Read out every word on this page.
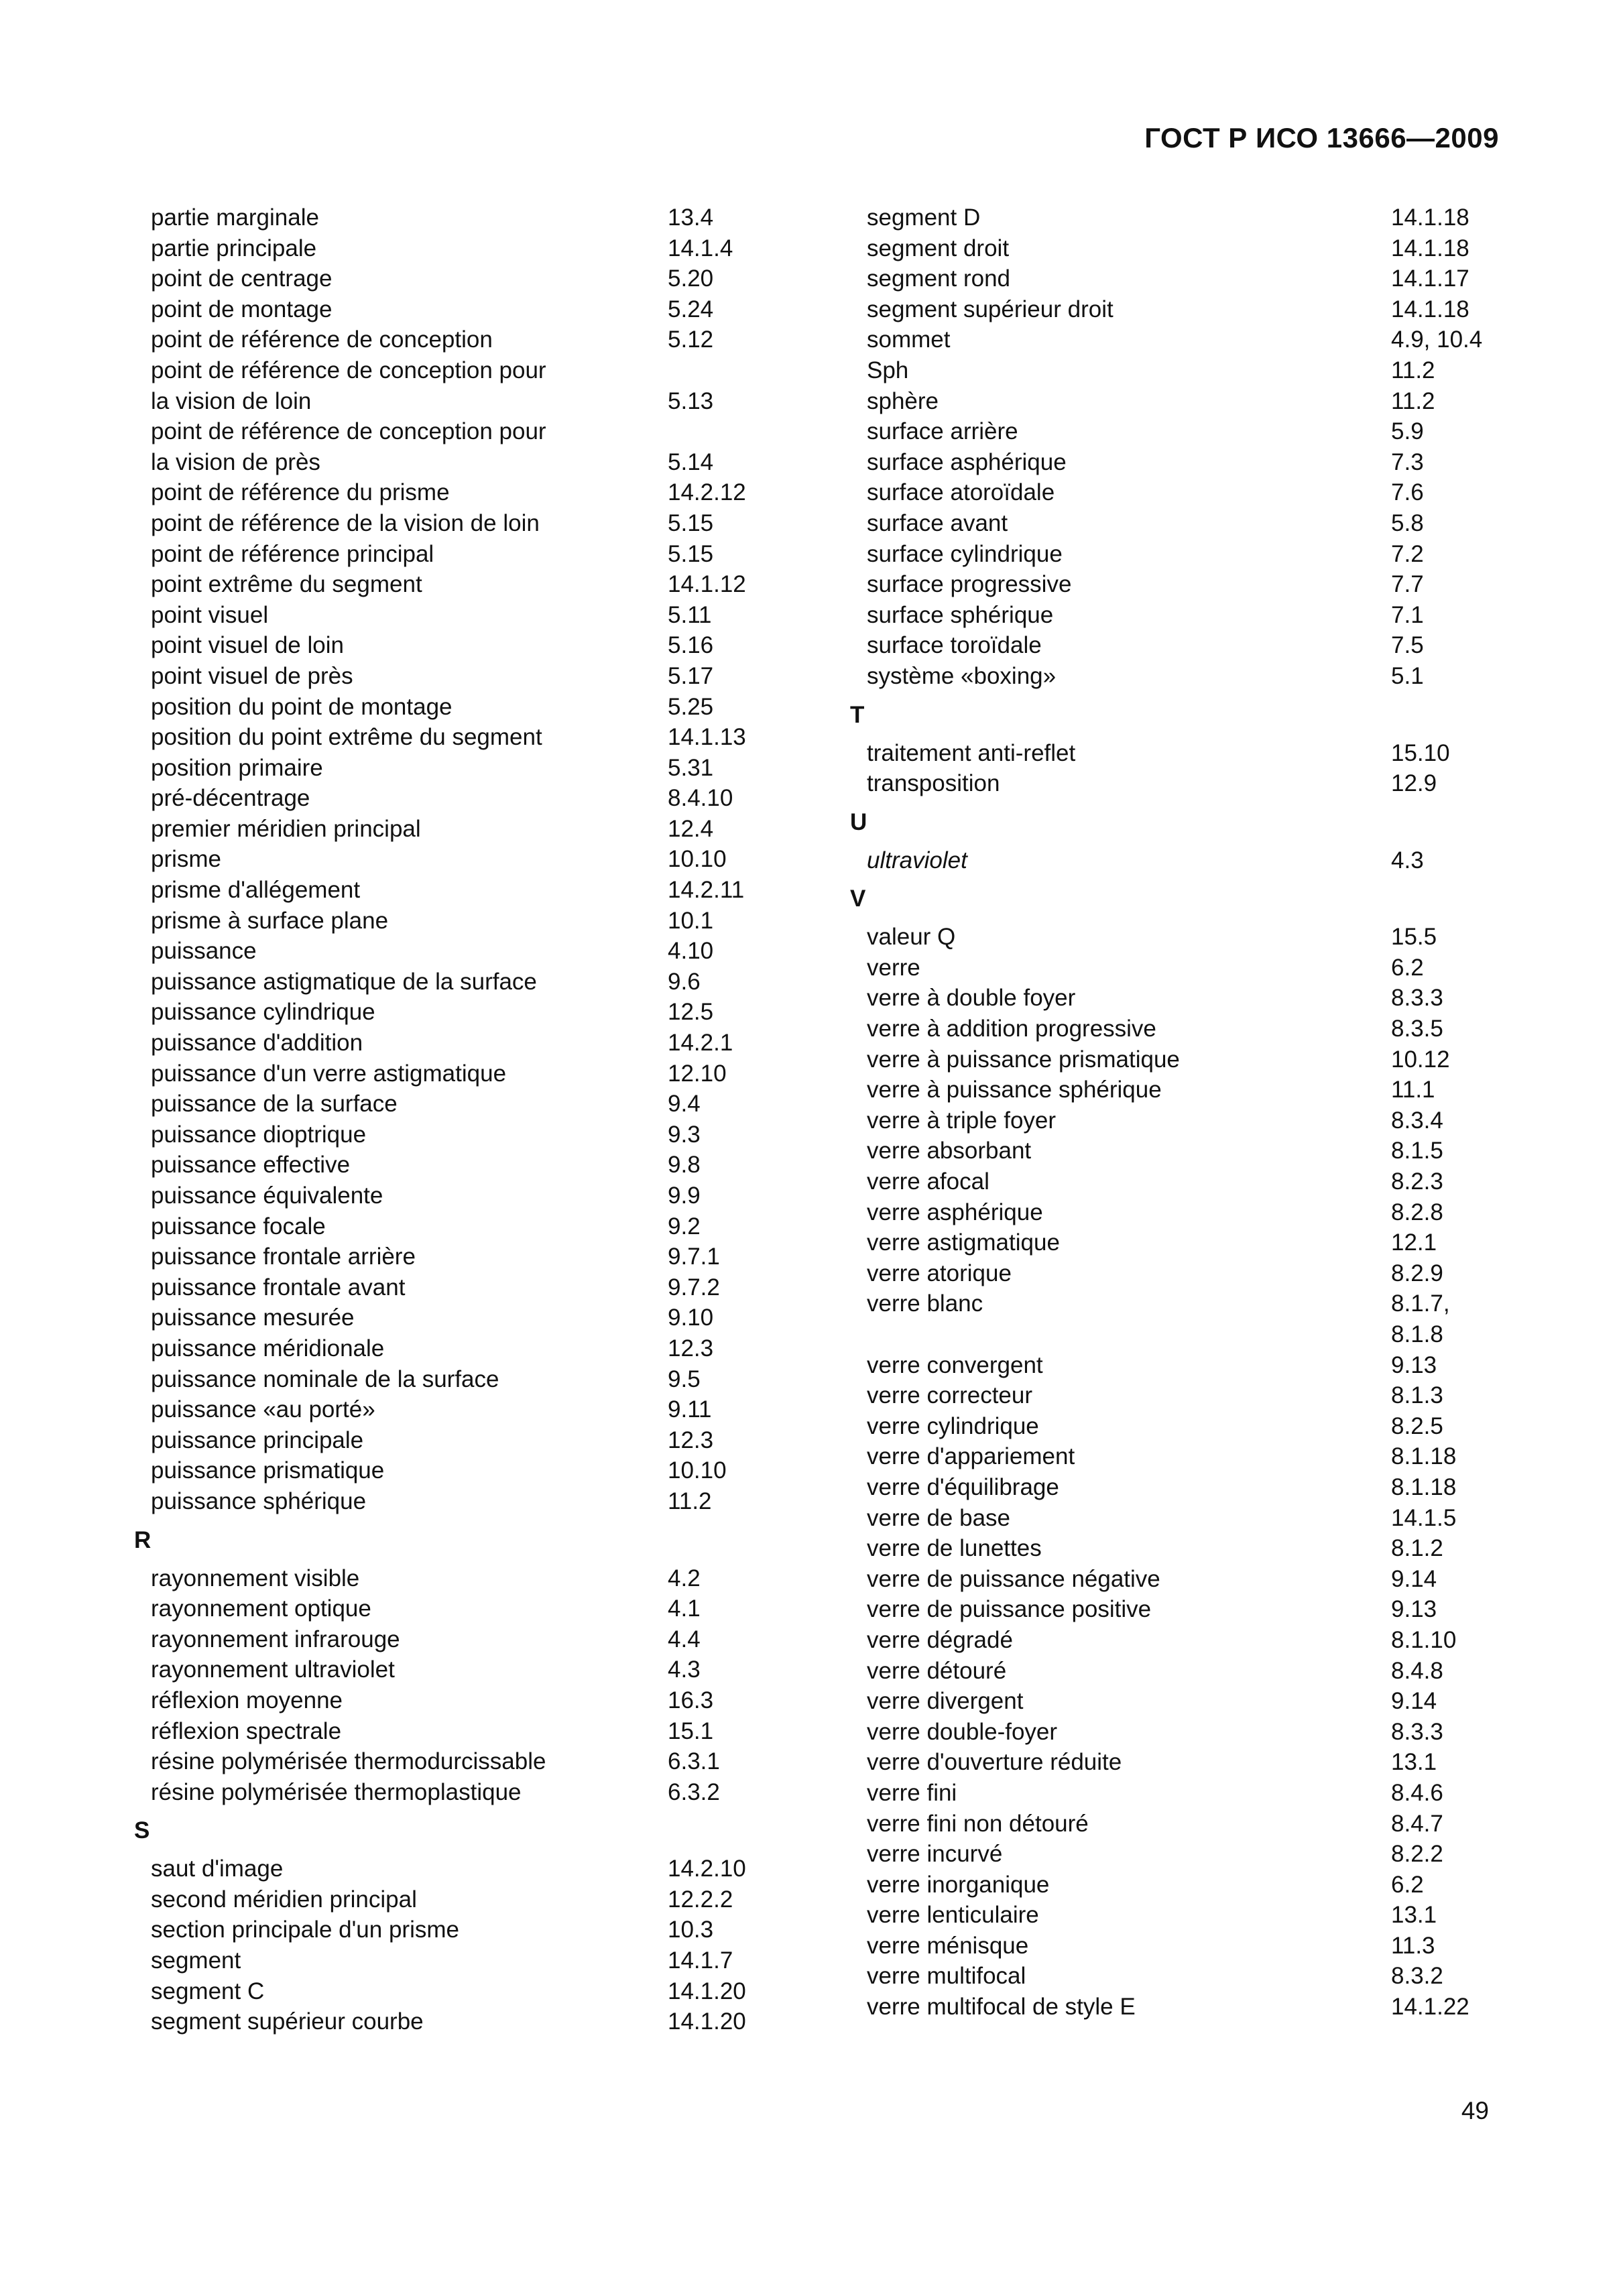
ГОСТ Р ИСО 13666—2009
partie marginale	13.4
partie principale	14.1.4
point de centrage	5.20
point de montage	5.24
point de référence de conception	5.12
point de référence de conception pour
la vision de loin	5.13
point de référence de conception pour
la vision de près	5.14
point de référence du prisme	14.2.12
point de référence de la vision de loin	5.15
point de référence principal	5.15
point extrême du segment	14.1.12
point visuel	5.11
point visuel de loin	5.16
point visuel de près	5.17
position du point de montage	5.25
position du point extrême du segment	14.1.13
position primaire	5.31
pré-décentrage	8.4.10
premier méridien principal	12.4
prisme	10.10
prisme d'allégement	14.2.11
prisme à surface plane	10.1
puissance	4.10
puissance astigmatique de la surface	9.6
puissance cylindrique	12.5
puissance d'addition	14.2.1
puissance d'un verre astigmatique	12.10
puissance de la surface	9.4
puissance dioptrique	9.3
puissance effective	9.8
puissance équivalente	9.9
puissance focale	9.2
puissance frontale arrière	9.7.1
puissance frontale avant	9.7.2
puissance mesurée	9.10
puissance méridionale	12.3
puissance nominale de la surface	9.5
puissance «au porté»	9.11
puissance principale	12.3
puissance prismatique	10.10
puissance sphérique	11.2
R
rayonnement visible	4.2
rayonnement optique	4.1
rayonnement infrarouge	4.4
rayonnement ultraviolet	4.3
réflexion moyenne	16.3
réflexion spectrale	15.1
résine polymérisée thermodurcissable	6.3.1
résine polymérisée thermoplastique	6.3.2
S
saut d'image	14.2.10
second méridien principal	12.2.2
section principale d'un prisme	10.3
segment	14.1.7
segment C	14.1.20
segment supérieur courbe	14.1.20
segment D	14.1.18
segment droit	14.1.18
segment rond	14.1.17
segment supérieur droit	14.1.18
sommet	4.9, 10.4
Sph	11.2
sphère	11.2
surface arrière	5.9
surface asphérique	7.3
surface atoroïdale	7.6
surface avant	5.8
surface cylindrique	7.2
surface progressive	7.7
surface sphérique	7.1
surface toroïdale	7.5
système «boxing»	5.1
T
traitement anti-reflet	15.10
transposition	12.9
U
ultraviolet	4.3
V
valeur Q	15.5
verre	6.2
verre à double foyer	8.3.3
verre à addition progressive	8.3.5
verre à puissance prismatique	10.12
verre à puissance sphérique	11.1
verre à triple foyer	8.3.4
verre absorbant	8.1.5
verre afocal	8.2.3
verre asphérique	8.2.8
verre astigmatique	12.1
verre atorique	8.2.9
verre blanc	8.1.7,
8.1.8
verre convergent	9.13
verre correcteur	8.1.3
verre cylindrique	8.2.5
verre d'appariement	8.1.18
verre d'équilibrage	8.1.18
verre de base	14.1.5
verre de lunettes	8.1.2
verre de puissance négative	9.14
verre de puissance positive	9.13
verre dégradé	8.1.10
verre détouré	8.4.8
verre divergent	9.14
verre double-foyer	8.3.3
verre d'ouverture réduite	13.1
verre fini	8.4.6
verre fini non détouré	8.4.7
verre incurvé	8.2.2
verre inorganique	6.2
verre lenticulaire	13.1
verre ménisque	11.3
verre multifocal	8.3.2
verre multifocal de style E	14.1.22
49
